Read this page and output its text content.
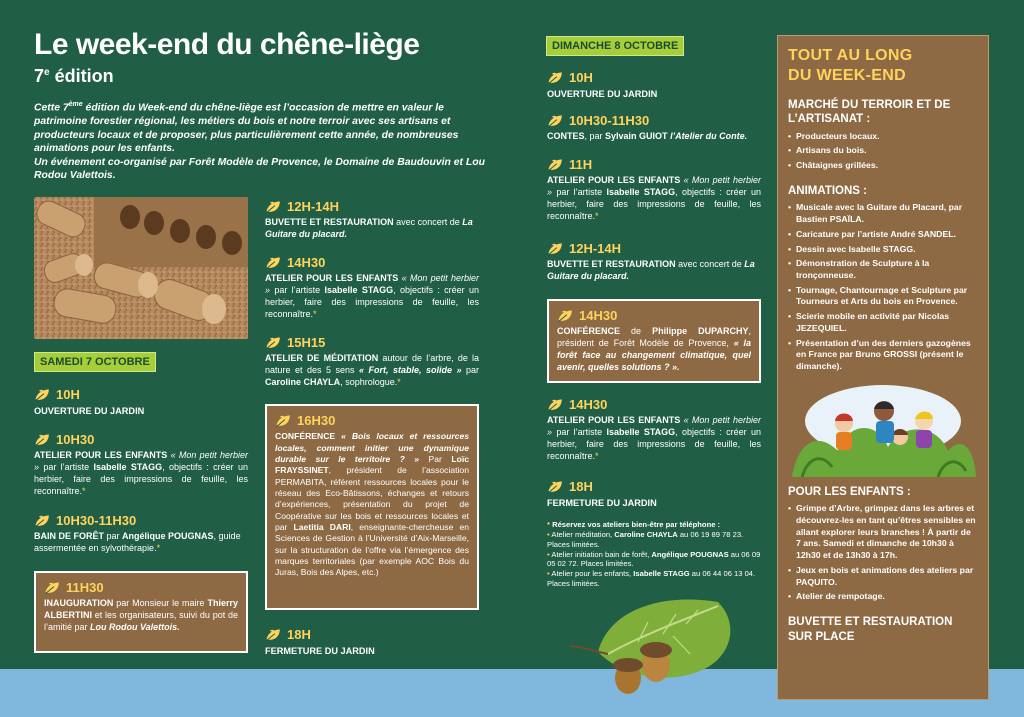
Le week-end du chêne-liège
7e édition

Cette 7ème édition du Week-end du chêne-liège est l’occasion de mettre en valeur le patrimoine forestier régional, les métiers du bois et notre terroir avec ses artisans et producteurs locaux et de proposer, plus particulièrement cette année, de nombreuses animations pour les enfants.

Un événement co-organisé par Forêt Modèle de Provence, le Domaine de Baudouvin et Lou Rodou Valettois.

SAMEDI 7 OCTOBRE
10H
OUVERTURE DU JARDIN
10H30
ATELIER POUR LES ENFANTS « Mon petit herbier » par l’artiste Isabelle STAGG, objectifs : créer un herbier, faire des impressions de feuille, les reconnaître.*
10H30-11H30
BAIN DE FORÊT par Angélique POUGNAS, guide assermentée en sylvothérapie.*
11H30
INAUGURATION par Monsieur le maire Thierry ALBERTINI et les organisateurs, suivi du pot de l’amitié par Lou Rodou Valettois.
12H-14H
BUVETTE ET RESTAURATION avec concert de La Guitare du placard.
14H30
ATELIER POUR LES ENFANTS « Mon petit herbier » par l’artiste Isabelle STAGG, objectifs : créer un herbier, faire des impressions de feuille, les reconnaître.*
15H15
ATELIER DE MÉDITATION autour de l’arbre, de la nature et des 5 sens « Fort, stable, solide » par Caroline CHAYLA, sophrologue.*
16H30
CONFÉRENCE « Bois locaux et ressources locales, comment initier une dynamique durable sur le territoire ? » Par Loïc FRAYSSINET, président de l’association PERMABITA, référent ressources locales pour le réseau des Eco-Bâtissons, échanges et retours d’expériences, présentation du projet de Coopérative sur les bois et ressources locales et par Laetitia DARI, enseignante-chercheuse en Sciences de Gestion à l’Université d’Aix-Marseille, sur la structuration de l’offre via l’émergence des marques territoriales (par exemple AOC Bois du Juras, Bois des Alpes, etc.)
18H
FERMETURE DU JARDIN
DIMANCHE 8 OCTOBRE
10H
OUVERTURE DU JARDIN
10H30-11H30
CONTES, par Sylvain GUIOT l’Atelier du Conte.
11H
ATELIER POUR LES ENFANTS « Mon petit herbier » par l’artiste Isabelle STAGG, objectifs : créer un herbier, faire des impressions de feuille, les reconnaître.*
12H-14H
BUVETTE ET RESTAURATION avec concert de La Guitare du placard.
14H30
CONFÉRENCE de Philippe DUPARCHY, président de Forêt Modèle de Provence, « la forêt face au changement climatique, quel avenir, quelles solutions ? ».
14H30
ATELIER POUR LES ENFANTS « Mon petit herbier » par l’artiste Isabelle STAGG, objectifs : créer un herbier, faire des impressions de feuille, les reconnaître.*
18H
FERMETURE DU JARDIN
* Réservez vos ateliers bien-être par téléphone :
• Atelier méditation, Caroline CHAYLA au 06 19 89 78 23. Places limitées.
• Atelier initiation bain de forêt, Angélique POUGNAS au 06 09 05 02 72. Places limitées.
• Atelier pour les enfants, Isabelle STAGG au 06 44 06 13 04. Places limitées.
TOUT AU LONG
DU WEEK-END
MARCHÉ DU TERROIR ET DE L’ARTISANAT :
• Producteurs locaux.
• Artisans du bois.
• Châtaignes grillées.
ANIMATIONS :
• Musicale avec la Guitare du Placard, par Bastien PSAÏLA.
• Caricature par l’artiste André SANDEL.
• Dessin avec Isabelle STAGG.
• Démonstration de Sculpture à la tronçonneuse.
• Tournage, Chantournage et Sculpture par Tourneurs et Arts du bois en Provence.
• Scierie mobile en activité par Nicolas JEZEQUIEL.
• Présentation d’un des derniers gazogènes en France par Bruno GROSSI (présent le dimanche).
POUR LES ENFANTS :
• Grimpe d’Arbre, grimpez dans les arbres et découvrez-les en tant qu’êtres sensibles en allant explorer leurs branches ! À partir de 7 ans. Samedi et dimanche de 10h30 à 12h30 et de 13h30 à 17h.
• Jeux en bois et animations des ateliers par PAQUITO.
• Atelier de rempotage.
BUVETTE ET RESTAURATION SUR PLACE
